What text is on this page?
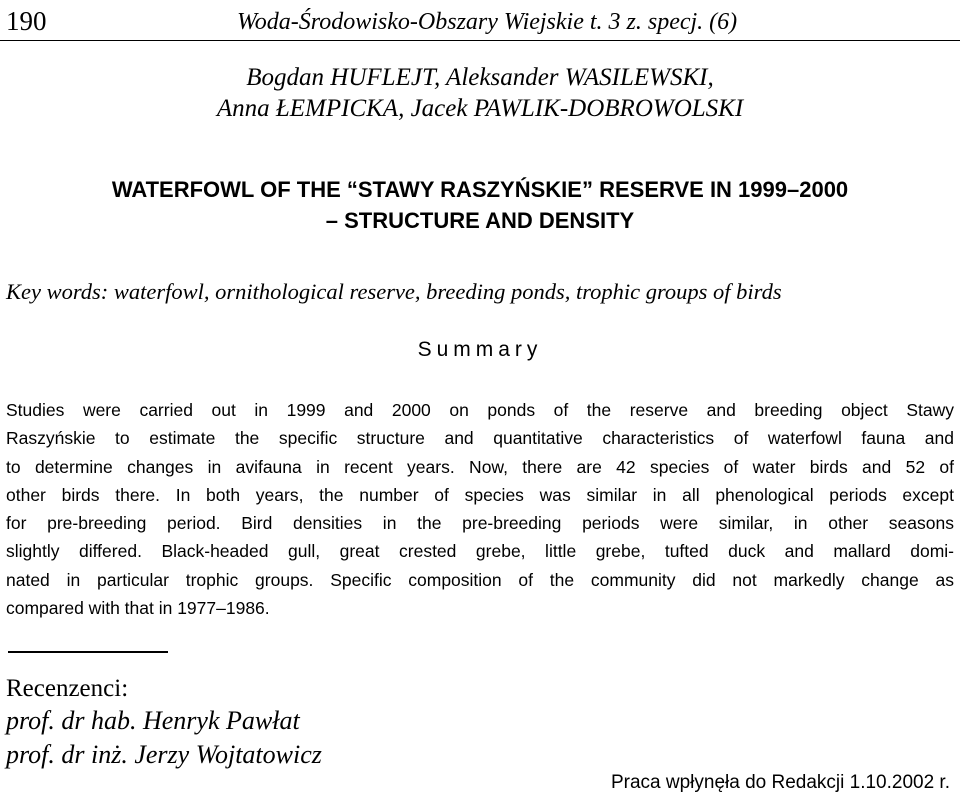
190	Woda-Środowisko-Obszary Wiejskie t. 3 z. specj. (6)
Bogdan HUFLEJT, Aleksander WASILEWSKI,
Anna ŁEMPICKA, Jacek PAWLIK-DOBROWOLSKI
WATERFOWL OF THE “STAWY RASZYŃSKIE” RESERVE IN 1999–2000
– STRUCTURE AND DENSITY
Key words: waterfowl, ornithological reserve, breeding ponds, trophic groups of birds
Summary
Studies were carried out in 1999 and 2000 on ponds of the reserve and breeding object Stawy
Raszyńskie to estimate the specific structure and quantitative characteristics of waterfowl fauna and
to determine changes in avifauna in recent years. Now, there are 42 species of water birds and 52 of
other birds there. In both years, the number of species was similar in all phenological periods except
for pre-breeding period. Bird densities in the pre-breeding periods were similar, in other seasons
slightly differed. Black-headed gull, great crested grebe, little grebe, tufted duck and mallard domi-
nated in particular trophic groups. Specific composition of the community did not markedly change as
compared with that in 1977–1986.
Recenzenci:
prof. dr hab. Henryk Pawłat
prof. dr inż. Jerzy Wojtatowicz
Praca wpłynęła do Redakcji 1.10.2002 r.
